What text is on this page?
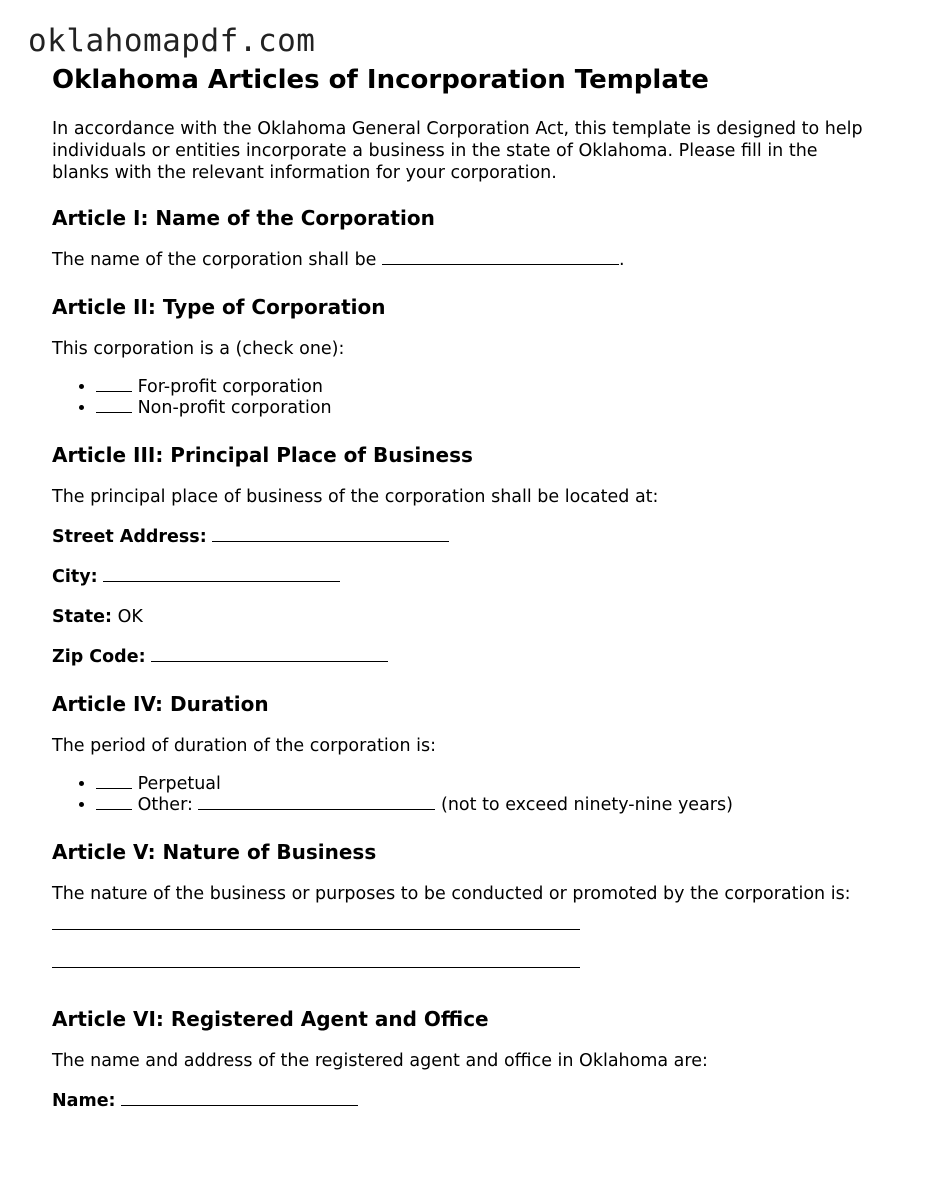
oklahomapdf.com
Oklahoma Articles of Incorporation Template

In accordance with the Oklahoma General Corporation Act, this template is designed to help individuals or entities incorporate a business in the state of Oklahoma. Please fill in the blanks with the relevant information for your corporation.

Article I: Name of the Corporation

The name of the corporation shall be	.

Article II: Type of Corporation

This corporation is a (check one):

• For-profit corporation
• Non-profit corporation
Article III: Principal Place of Business

The principal place of business of the corporation shall be located at:

Street Address:

City:

State: OK

Zip Code:

Article IV: Duration

The period of duration of the corporation is:

• Perpetual
• Other:	(not to exceed ninety-nine years)
Article V: Nature of Business

The nature of the business or purposes to be conducted or promoted by the corporation is:

Article VI: Registered Agent and Office

The name and address of the registered agent and office in Oklahoma are:

Name:
